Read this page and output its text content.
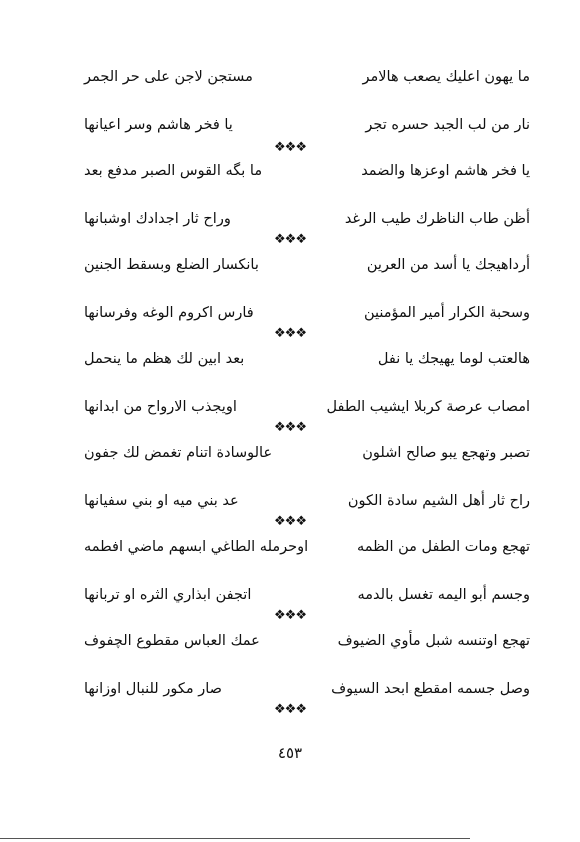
ما يهون اعليك يصعب هالامر
مستجن لاجن على حر الجمر
نار من لب الجبد حسره تجر
يا فخر هاشم وسر اعيانها
❖❖❖
يا فخر هاشم اوعزها والضمد
ما بگه القوس الصبر مدفع بعد
أظن طاب الناظرك طيب الرغد
وراح ثار اجدادك اوشبانها
❖❖❖
أرداهيجك يا أسد من العرين
بانكسار الضلع وبسقط الجنين
وسحبة الكرار أمير المؤمنين
فارس اكروم الوغه وفرسانها
❖❖❖
هالعتب لوما يهيجك يا نفل
بعد ابين لك هظم ما ينحمل
امصاب عرصة كربلا ايشيب الطفل
اويجذب الارواح من ابدانها
❖❖❖
تصبر وتهجع يبو صالح اشلون
عالوسادة اتنام تغمض لك جفون
راح ثار أهل الشيم سادة الكون
عد بني ميه او بني سفيانها
❖❖❖
تهجع ومات الطفل من الظمه
اوحرمله الطاغي ابسهم ماضي افطمه
وجسم أبو اليمه تغسل بالدمه
اتجفن ابذاري الثره او تربانها
❖❖❖
تهجع اوتنسه شبل مأوي الضيوف
عمك العباس مقطوع الچفوف
وصل جسمه امقطع ابحد السيوف
صار مكور للنبال اوزانها
❖❖❖
٤٥٣
